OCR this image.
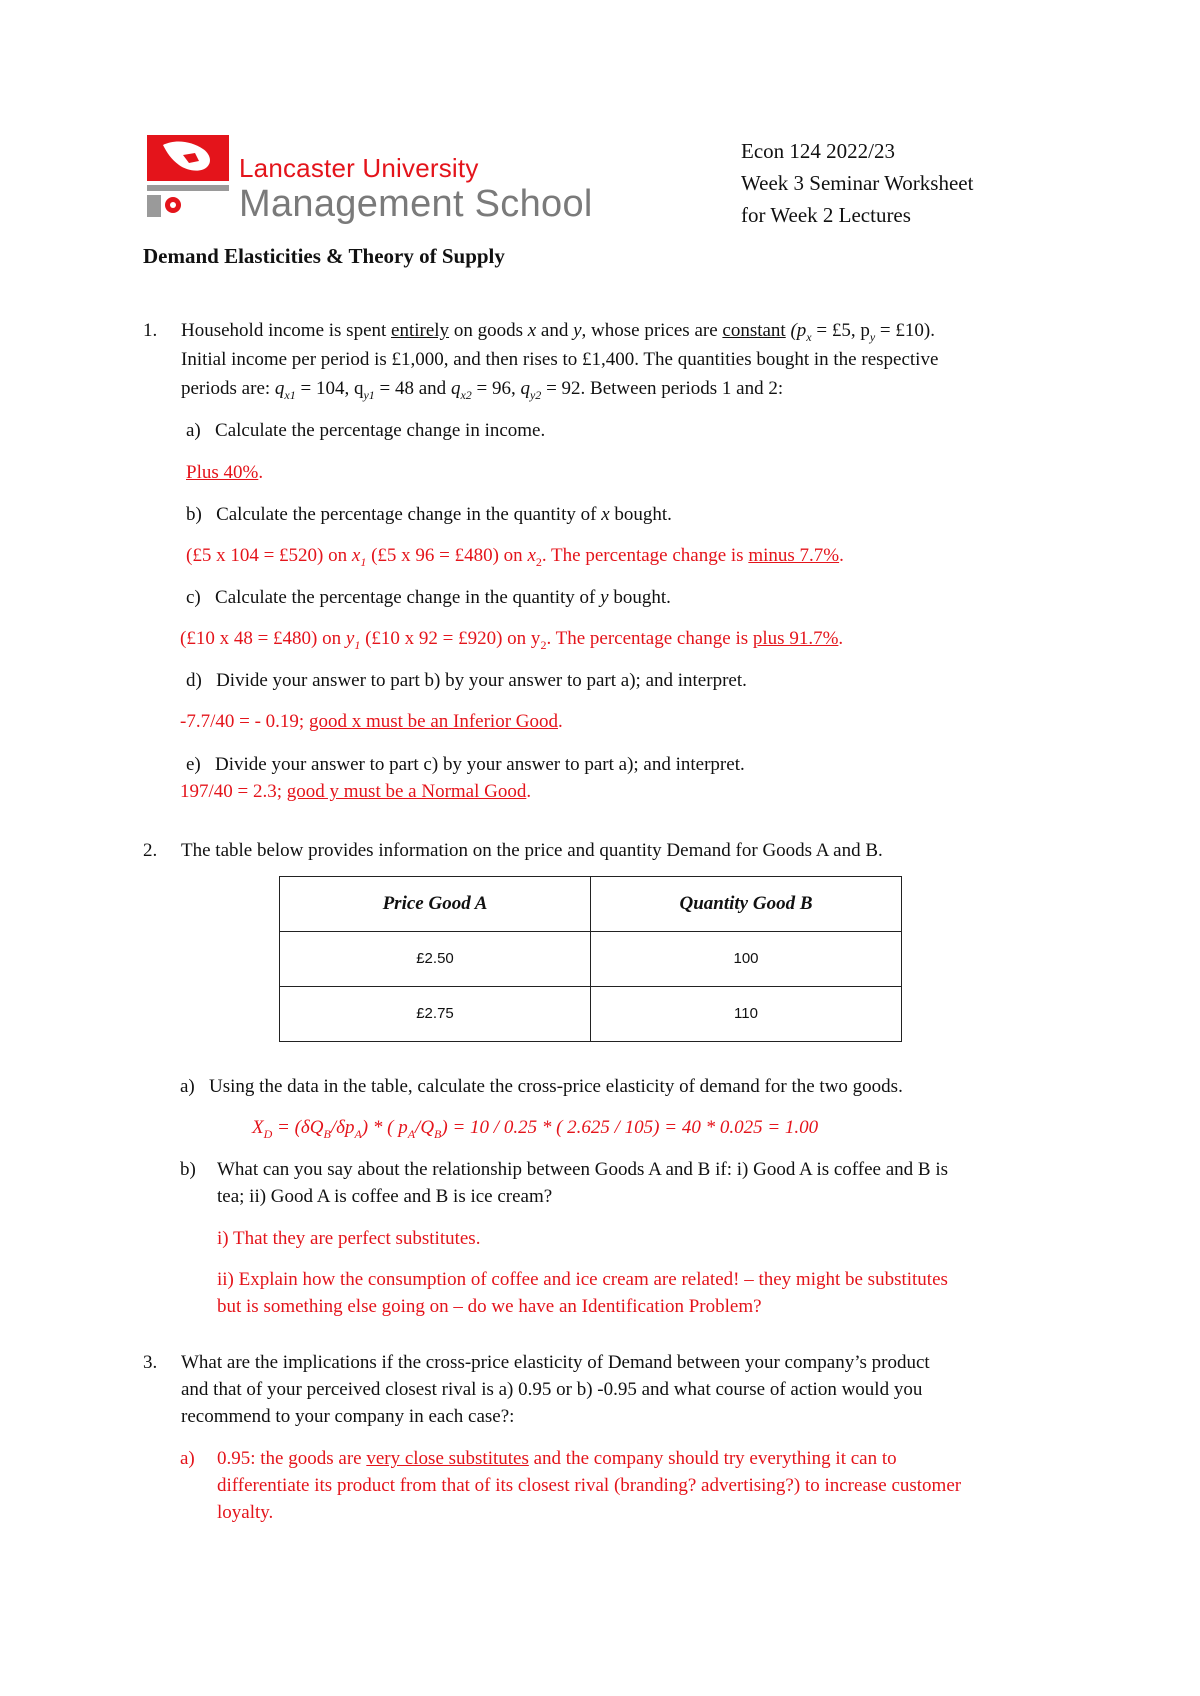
Lancaster University
Management School
Econ 124 2022/23
Week 3 Seminar Worksheet
for Week 2 Lectures
Demand Elasticities & Theory of Supply
1. Household income is spent entirely on goods x and y, whose prices are constant ($p_x$ = £5, $p_y$ = £10).
Initial income per period is £1,000, and then rises to £1,400. The quantities bought in the respective
periods are: $q_{x1} = 104$, $q_{y1} = 48$ and $q_{x2} = 96$, $q_{y2} = 92$. Between periods 1 and 2:
a) Calculate the percentage change in income.
Plus 40%.
b) Calculate the percentage change in the quantity of x bought.
(£5 x 104 = £520) on $x_1$ (£5 x 96 = £480) on $x_2$. The percentage change is minus 7.7%.
c) Calculate the percentage change in the quantity of y bought.
(£10 x 48 = £480) on $y_1$ (£10 x 92 = £920) on $y_2$. The percentage change is plus 91.7%.
d) Divide your answer to part b) by your answer to part a); and interpret.
-7.7/40 = - 0.19; good x must be an Inferior Good.
e) Divide your answer to part c) by your answer to part a); and interpret.
197/40 = 2.3; good y must be a Normal Good.
2. The table below provides information on the price and quantity Demand for Goods A and B.
Price Good A	Quantity Good B
£2.50	100
£2.75	110
a) Using the data in the table, calculate the cross-price elasticity of demand for the two goods.
$X_D = (\delta Q_B/\delta p_A)$ * ( $p_A/Q_B) = 10 / 0.25$ * ( 2.625 / 105) = 40 * 0.025 = 1.00
b) What can you say about the relationship between Goods A and B if: i) Good A is coffee and B is
tea; ii) Good A is coffee and B is ice cream?
i) That they are perfect substitutes.
ii) Explain how the consumption of coffee and ice cream are related! – they might be substitutes
but is something else going on – do we have an Identification Problem?
3. What are the implications if the cross-price elasticity of Demand between your company’s product
and that of your perceived closest rival is a) 0.95 or b) -0.95 and what course of action would you
recommend to your company in each case?:
a) 0.95: the goods are very close substitutes and the company should try everything it can to
differentiate its product from that of its closest rival (branding? advertising?) to increase customer
loyalty.
